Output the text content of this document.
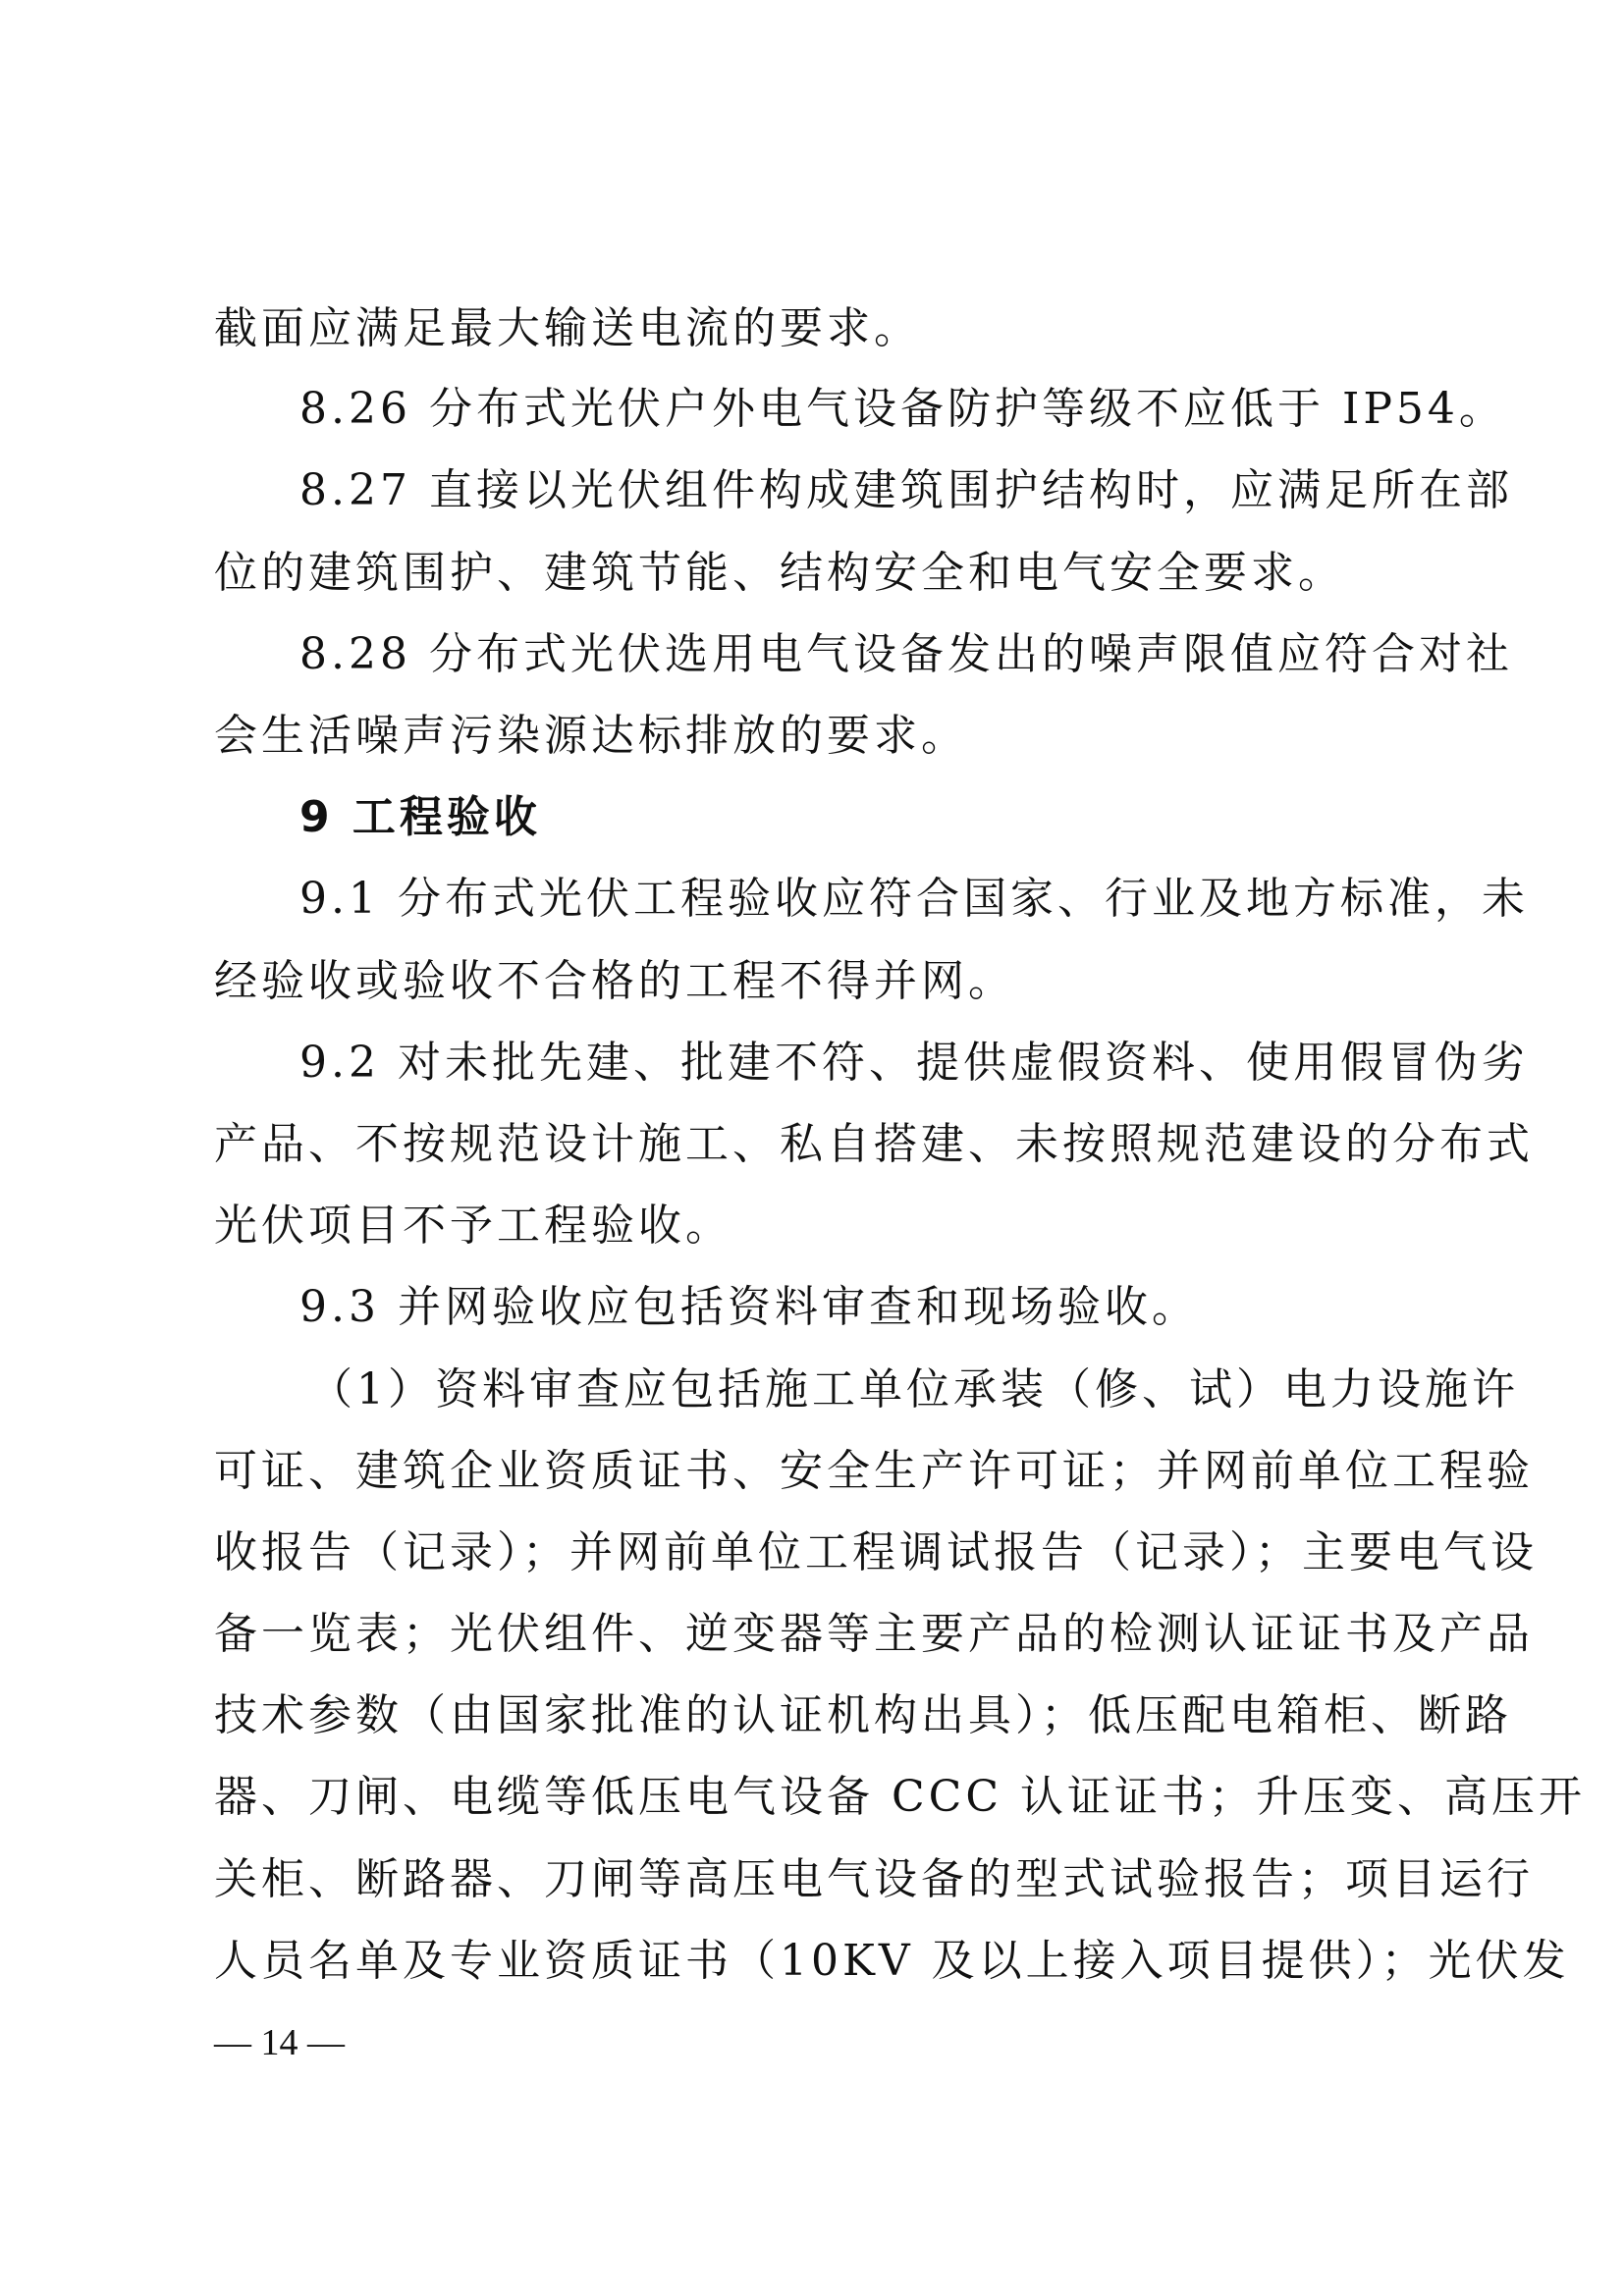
截面应满足最大输送电流的要求。
8.26 分布式光伏户外电气设备防护等级不应低于 IP54。
8.27 直接以光伏组件构成建筑围护结构时，应满足所在部
位的建筑围护、建筑节能、结构安全和电气安全要求。
8.28 分布式光伏选用电气设备发出的噪声限值应符合对社
会生活噪声污染源达标排放的要求。
9 工程验收
9.1 分布式光伏工程验收应符合国家、行业及地方标准，未
经验收或验收不合格的工程不得并网。
9.2 对未批先建、批建不符、提供虚假资料、使用假冒伪劣
产品、不按规范设计施工、私自搭建、未按照规范建设的分布式
光伏项目不予工程验收。
9.3 并网验收应包括资料审查和现场验收。
（1）资料审查应包括施工单位承装（修、试）电力设施许
可证、建筑企业资质证书、安全生产许可证；并网前单位工程验
收报告（记录）；并网前单位工程调试报告（记录）；主要电气设
备一览表；光伏组件、逆变器等主要产品的检测认证证书及产品
技术参数（由国家批准的认证机构出具）；低压配电箱柜、断路
器、刀闸、电缆等低压电气设备 CCC 认证证书；升压变、高压开
关柜、断路器、刀闸等高压电气设备的型式试验报告；项目运行
人员名单及专业资质证书（10KV 及以上接入项目提供）；光伏发
— 14 —
